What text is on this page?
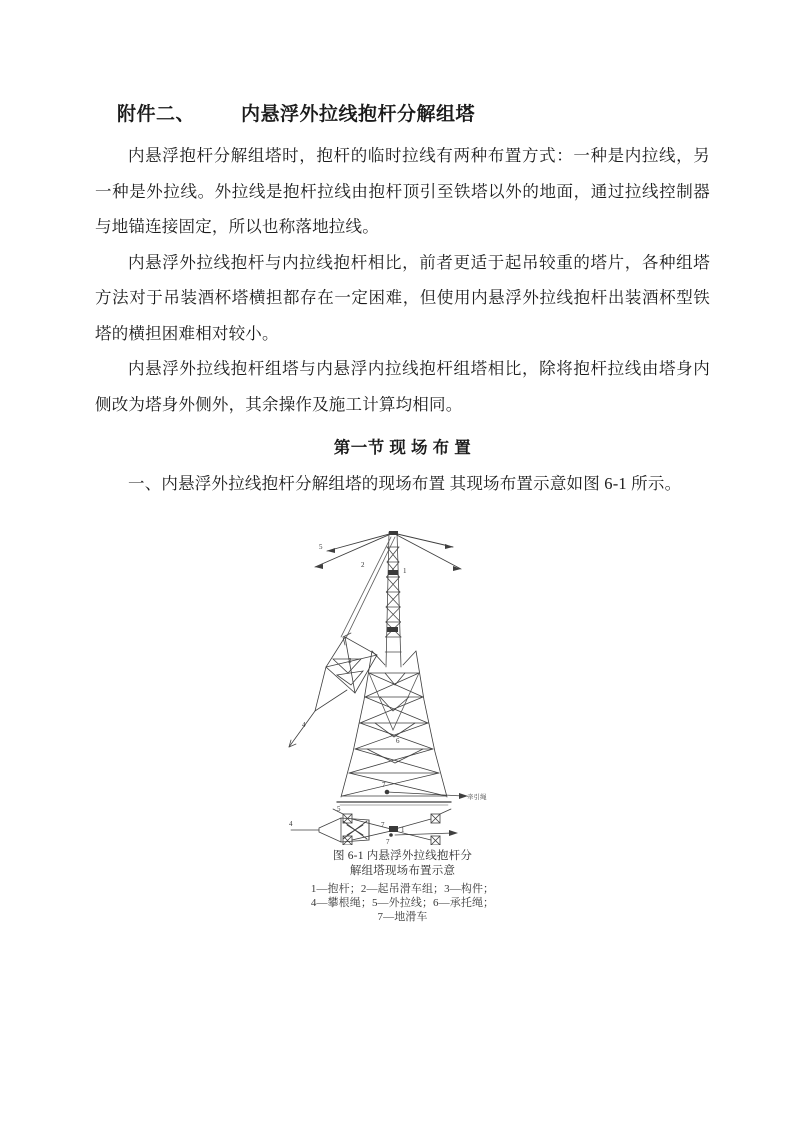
附件二、 内悬浮外拉线抱杆分解组塔

内悬浮抱杆分解组塔时，抱杆的临时拉线有两种布置方式：一种是内拉线，另一种是外拉线。外拉线是抱杆拉线由抱杆顶引至铁塔以外的地面，通过拉线控制器与地锚连接固定，所以也称落地拉线。

内悬浮外拉线抱杆与内拉线抱杆相比，前者更适于起吊较重的塔片，各种组塔方法对于吊装酒杯塔横担都存在一定困难，但使用内悬浮外拉线抱杆出装酒杯型铁塔的横担困难相对较小。

内悬浮外拉线抱杆组塔与内悬浮内拉线抱杆组塔相比，除将抱杆拉线由塔身内侧改为塔身外侧外，其余操作及施工计算均相同。

第一节 现 场 布 置

一、内悬浮外拉线抱杆分解组塔的现场布置 其现场布置示意如图 6-1 所示。

1
2
3
4
5
6
7
牵引绳
5
4	7
1
7
图 6-1 内悬浮外拉线抱杆分
解组塔现场布置示意
1—抱杆；2—起吊滑车组；3—构件；
4—攀根绳；5—外拉线；6—承托绳；
7—地滑车
